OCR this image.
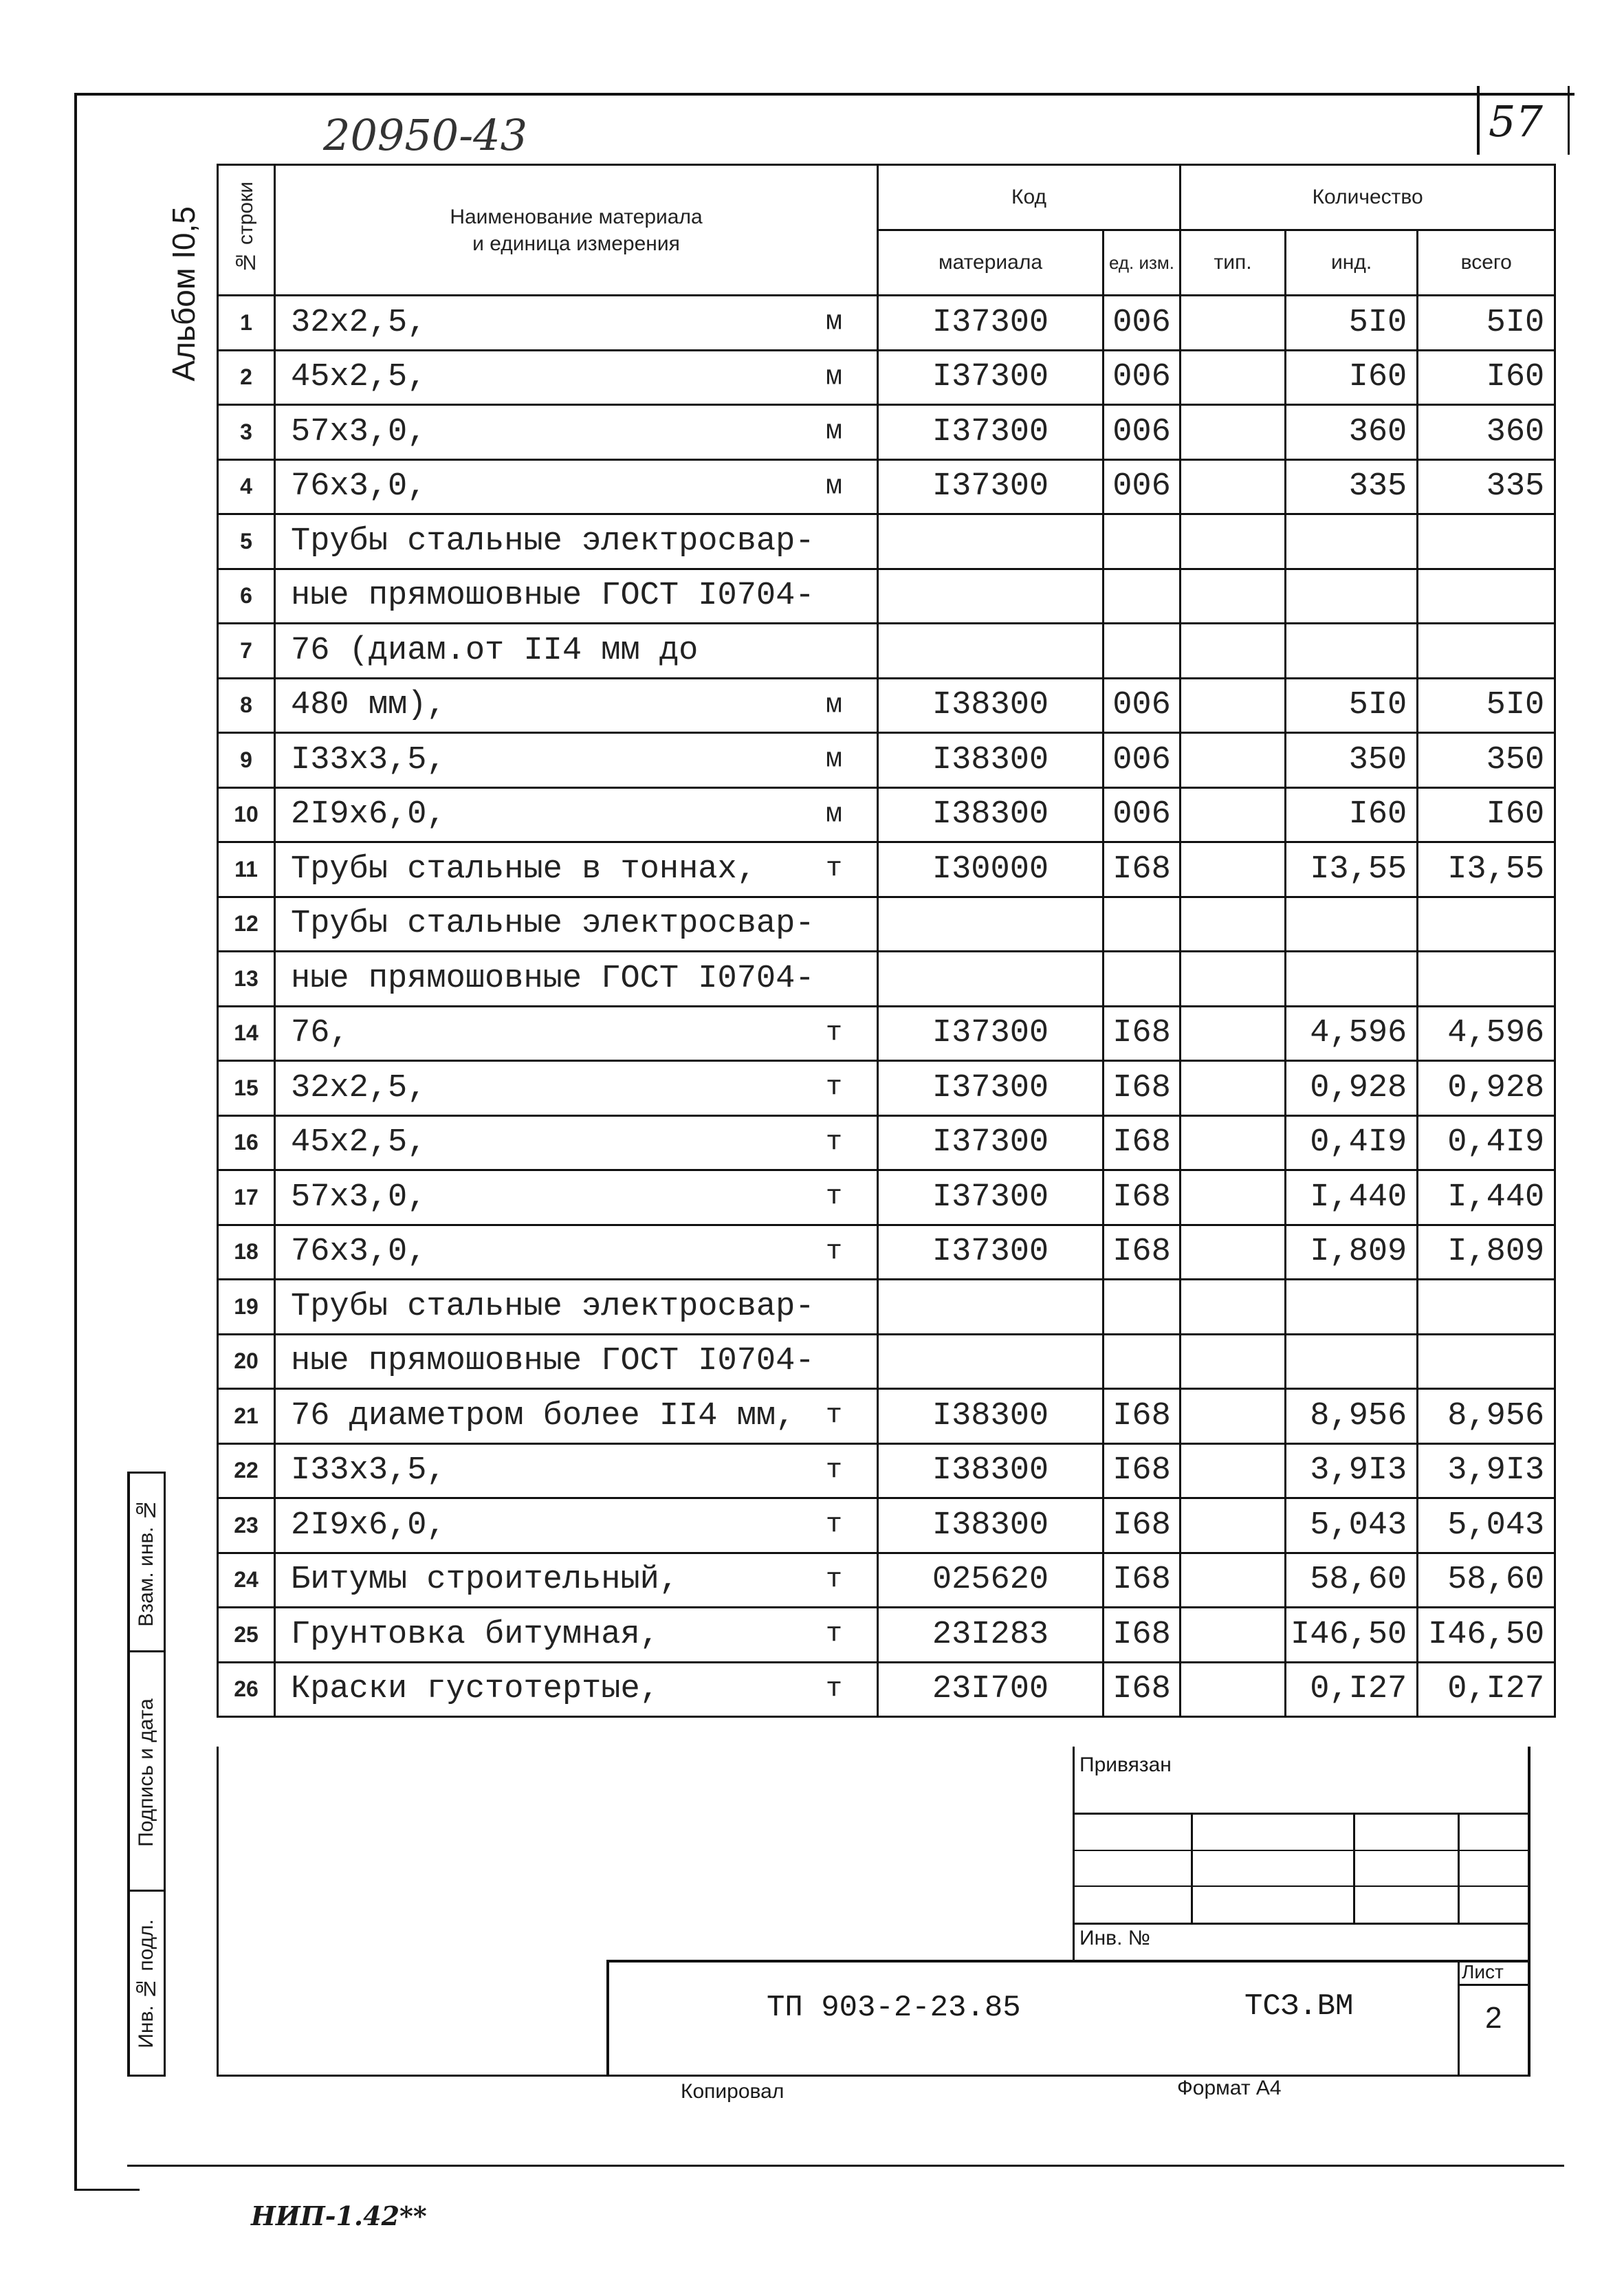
57
20950-43
Альбом I0,5	№ строки	Наименование материала
и единица измерения	Код		Количество		
		материала	ед. изм.	тип.	инд.	всего
1	32x2,5, м	I37300	006		5I0	5I0
2	45x2,5, м	I37300	006		I60	I60
3	57x3,0, м	I37300	006		360	360
4	76x3,0, м	I37300	006		335	335
5	Трубы стальные электросвар-

6	ные прямошовные ГОСТ I0704-

7	76 (диам.от II4 мм до

8	480 мм), м	I38300	006		5I0	5I0
9	I33x3,5, м	I38300	006		350	350
10	2I9x6,0, м	I38300	006		I60	I60
11	Трубы стальные в тоннах, т	I30000	I68		I3,55	I3,55
12	Трубы стальные электросвар-

13	ные прямошовные ГОСТ I0704-

14	76, т	I37300	I68		4,596	4,596
15	32x2,5, т	I37300	I68		0,928	0,928
16	45x2,5, т	I37300	I68		0,4I9	0,4I9
17	57x3,0, т	I37300	I68		I,440	I,440
18	76x3,0, т	I37300	I68		I,809	I,809
19	Трубы стальные электросвар-

20	ные прямошовные ГОСТ I0704-

21	76 диаметром более II4 мм, т	I38300	I68		8,956	8,956
22	I33x3,5, т	I38300	I68		3,9I3	3,9I3
23	2I9x6,0, т	I38300	I68		5,043	5,043
24	Битумы строительный, т	025620	I68		58,60	58,60
25	Грунтовка битумная, т	23I283	I68		I46,50	I46,50
26	Краски густотертые, т	23I700	I68		0,I27	0,I27
Привязан
Инв. №
ТП 903-2-23.85	ТСЗ.ВМ
Лист
2
Взам. инв. №
Подпись и дата
Инв. № подл.
Копировал	Формат А4
НИП-1.42**
